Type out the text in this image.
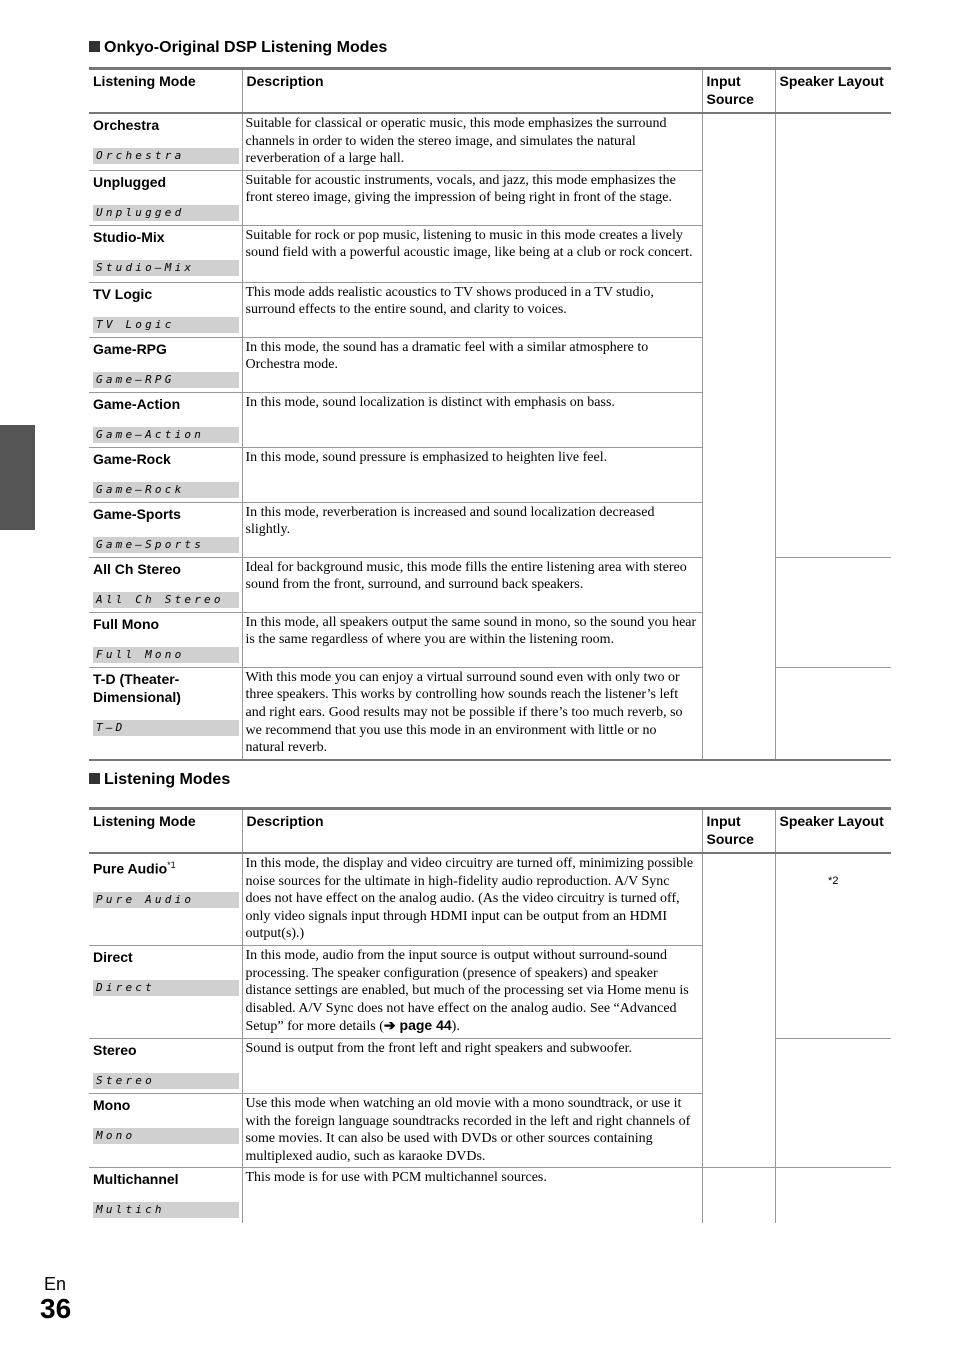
Onkyo-Original DSP Listening Modes
Listening Mode	Description	Input Source	Speaker Layout

Orchestra
Orchestra	Suitable for classical or operatic music, this mode emphasizes the surround channels in order to widen the stereo image, and simulates the natural reverberation of a large hall.		

Unplugged
Unplugged	Suitable for acoustic instruments, vocals, and jazz, this mode emphasizes the front stereo image, giving the impression of being right in front of the stage.		

Studio-Mix
Studio–Mix	Suitable for rock or pop music, listening to music in this mode creates a lively sound field with a powerful acoustic image, like being at a club or rock concert.		

TV Logic
TV Logic	This mode adds realistic acoustics to TV shows produced in a TV studio, surround effects to the entire sound, and clarity to voices.		

Game-RPG
Game–RPG	In this mode, the sound has a dramatic feel with a similar atmosphere to Orchestra mode.		

Game-Action
Game–Action	In this mode, sound localization is distinct with emphasis on bass.		

Game-Rock
Game–Rock	In this mode, sound pressure is emphasized to heighten live feel.		

Game-Sports
Game–Sports	In this mode, reverberation is increased and sound localization decreased slightly.		

All Ch Stereo
All Ch Stereo	Ideal for background music, this mode fills the entire listening area with stereo sound from the front, surround, and surround back speakers.		

Full Mono
Full Mono	In this mode, all speakers output the same sound in mono, so the sound you hear is the same regardless of where you are within the listening room.		

T-D (Theater-Dimensional)
T–D	With this mode you can enjoy a virtual surround sound even with only two or three speakers. This works by controlling how sounds reach the listener’s left and right ears. Good results may not be possible if there’s too much reverb, so we recommend that you use this mode in an environment with little or no natural reverb.		
Listening Modes
Listening Mode	Description	Input Source	Speaker Layout

Pure Audio$^{*1}$
Pure Audio	In this mode, the display and video circuitry are turned off, minimizing possible noise sources for the ultimate in high-fidelity audio reproduction. A/V Sync does not have effect on the analog audio. (As the video circuitry is turned off, only video signals input through HDMI input can be output from an HDMI output(s).)		*2

Direct
Direct	In this mode, audio from the input source is output without surround-sound processing. The speaker configuration (presence of speakers) and speaker distance settings are enabled, but much of the processing set via Home menu is disabled. A/V Sync does not have effect on the analog audio. See “Advanced Setup” for more details (➔ page 44).		

Stereo
Stereo	Sound is output from the front left and right speakers and subwoofer.		

Mono
Mono	Use this mode when watching an old movie with a mono soundtrack, or use it with the foreign language soundtracks recorded in the left and right channels of some movies. It can also be used with DVDs or other sources containing multiplexed audio, such as karaoke DVDs.		

Multichannel
Multich	This mode is for use with PCM multichannel sources.		
En
36
